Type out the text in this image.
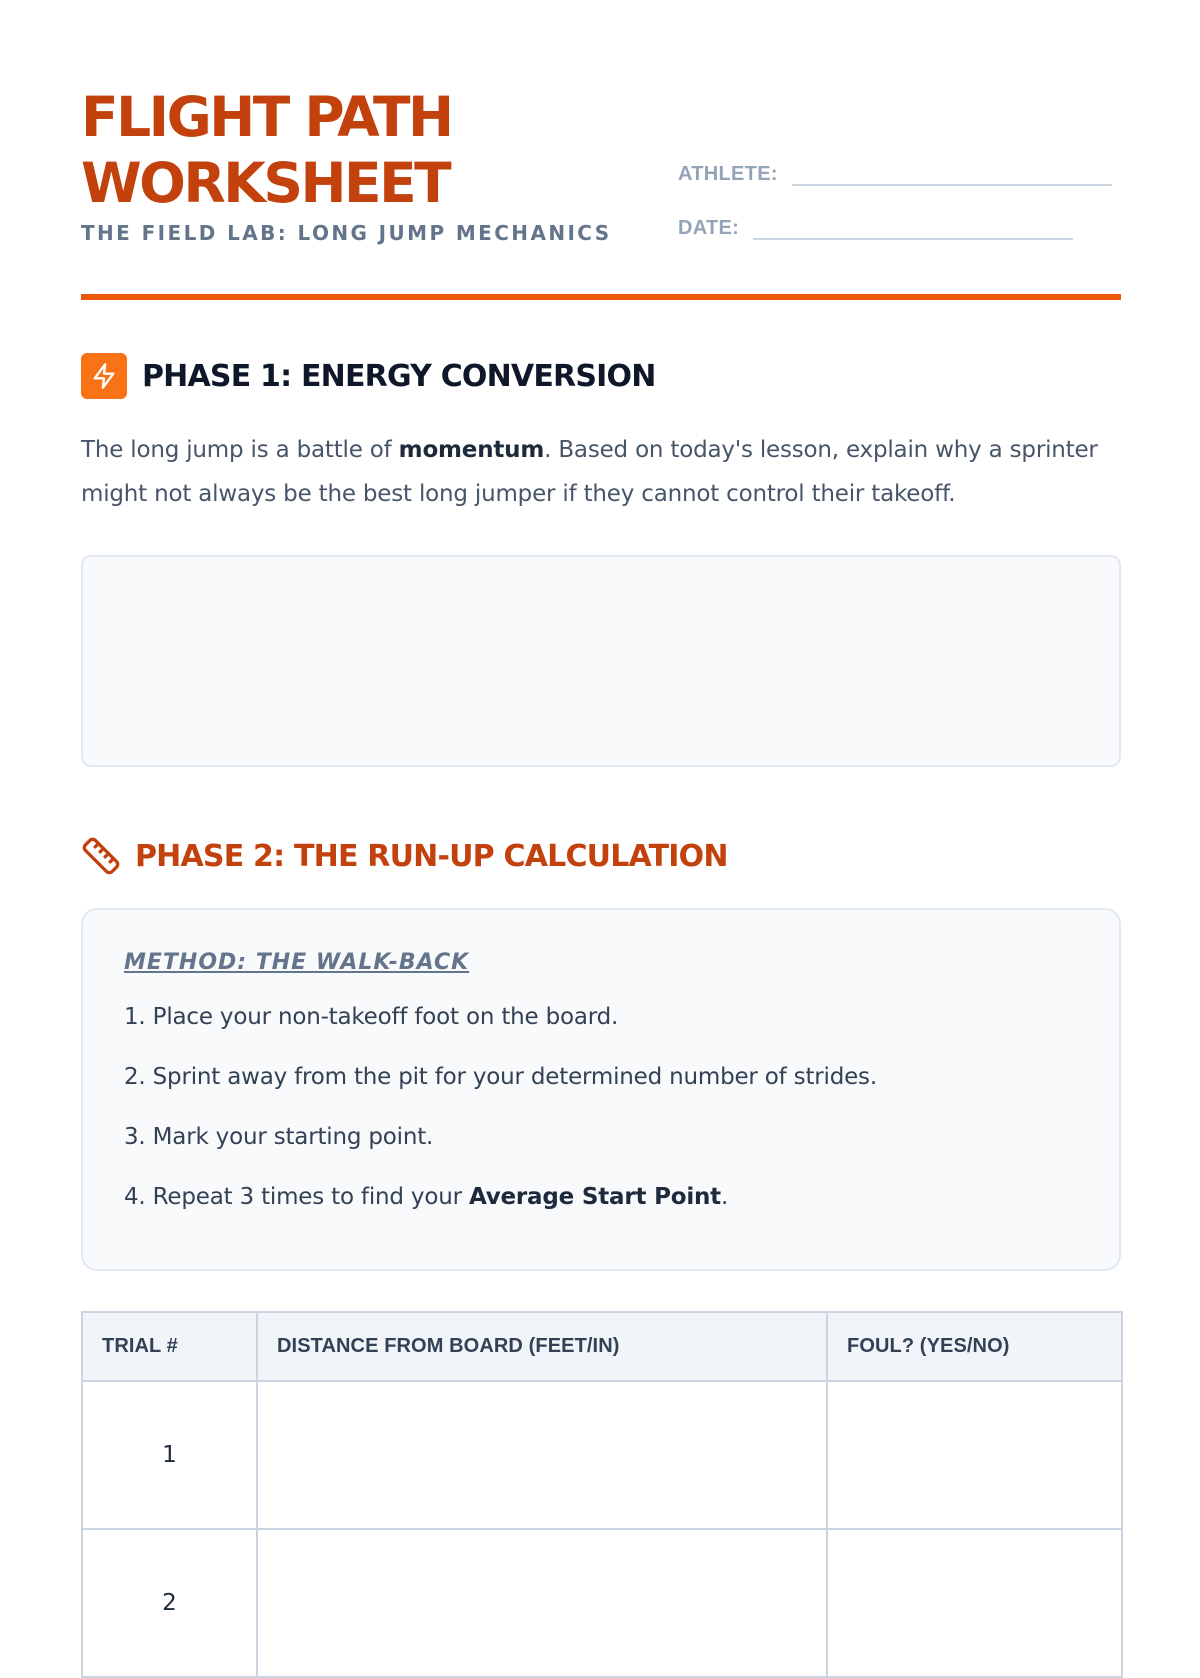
FLIGHT PATH
WORKSHEET
THE FIELD LAB: LONG JUMP MECHANICS
ATHLETE:
DATE:
PHASE 1: ENERGY CONVERSION

The long jump is a battle of momentum. Based on today's lesson, explain why a sprinter might not always be the best long jumper if they cannot control their takeoff.

PHASE 2: THE RUN-UP CALCULATION
METHOD: THE WALK-BACK

1. Place your non-takeoff foot on the board.

2. Sprint away from the pit for your determined number of strides.

3. Mark your starting point.

4. Repeat 3 times to find your Average Start Point.

TRIAL #	DISTANCE FROM BOARD (FEET/IN)	FOUL? (YES/NO)
1		
2		
